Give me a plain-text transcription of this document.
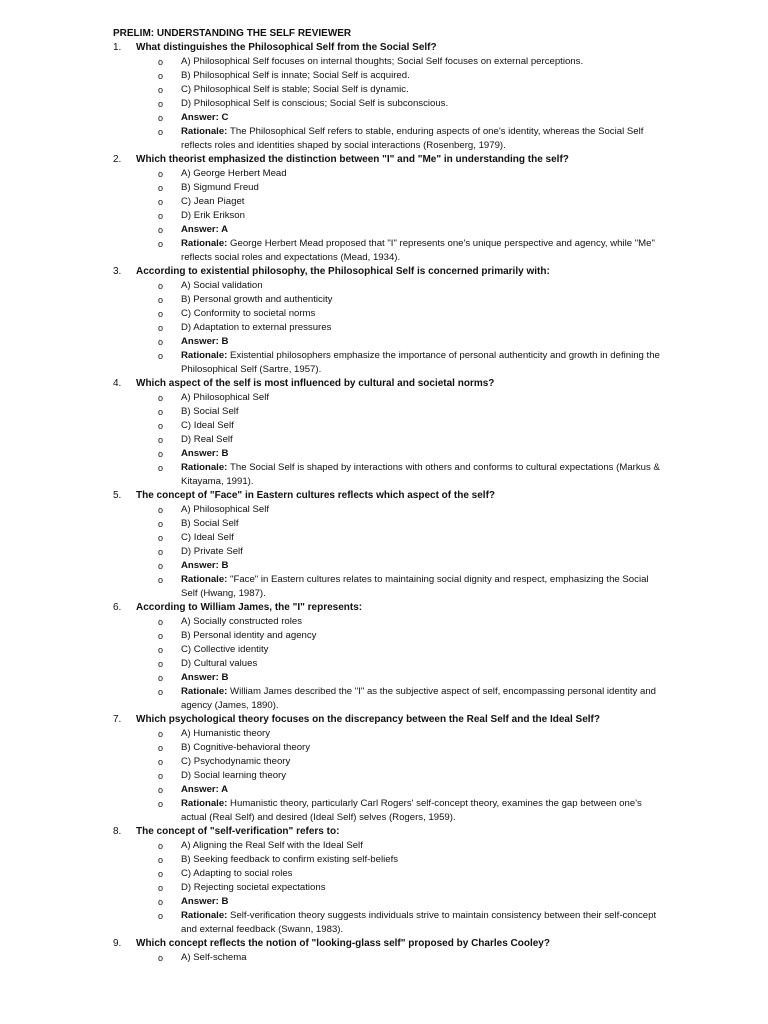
PRELIM: UNDERSTANDING THE SELF REVIEWER
1. What distinguishes the Philosophical Self from the Social Self?
o A) Philosophical Self focuses on internal thoughts; Social Self focuses on external perceptions.
o B) Philosophical Self is innate; Social Self is acquired.
o C) Philosophical Self is stable; Social Self is dynamic.
o D) Philosophical Self is conscious; Social Self is subconscious.
o Answer: C
o Rationale: The Philosophical Self refers to stable, enduring aspects of one's identity, whereas the Social Self reflects roles and identities shaped by social interactions (Rosenberg, 1979).
2. Which theorist emphasized the distinction between "I" and "Me" in understanding the self?
o A) George Herbert Mead
o B) Sigmund Freud
o C) Jean Piaget
o D) Erik Erikson
o Answer: A
o Rationale: George Herbert Mead proposed that "I" represents one's unique perspective and agency, while "Me" reflects social roles and expectations (Mead, 1934).
3. According to existential philosophy, the Philosophical Self is concerned primarily with:
o A) Social validation
o B) Personal growth and authenticity
o C) Conformity to societal norms
o D) Adaptation to external pressures
o Answer: B
o Rationale: Existential philosophers emphasize the importance of personal authenticity and growth in defining the Philosophical Self (Sartre, 1957).
4. Which aspect of the self is most influenced by cultural and societal norms?
o A) Philosophical Self
o B) Social Self
o C) Ideal Self
o D) Real Self
o Answer: B
o Rationale: The Social Self is shaped by interactions with others and conforms to cultural expectations (Markus & Kitayama, 1991).
5. The concept of "Face" in Eastern cultures reflects which aspect of the self?
o A) Philosophical Self
o B) Social Self
o C) Ideal Self
o D) Private Self
o Answer: B
o Rationale: "Face" in Eastern cultures relates to maintaining social dignity and respect, emphasizing the Social Self (Hwang, 1987).
6. According to William James, the "I" represents:
o A) Socially constructed roles
o B) Personal identity and agency
o C) Collective identity
o D) Cultural values
o Answer: B
o Rationale: William James described the "I" as the subjective aspect of self, encompassing personal identity and agency (James, 1890).
7. Which psychological theory focuses on the discrepancy between the Real Self and the Ideal Self?
o A) Humanistic theory
o B) Cognitive-behavioral theory
o C) Psychodynamic theory
o D) Social learning theory
o Answer: A
o Rationale: Humanistic theory, particularly Carl Rogers' self-concept theory, examines the gap between one's actual (Real Self) and desired (Ideal Self) selves (Rogers, 1959).
8. The concept of "self-verification" refers to:
o A) Aligning the Real Self with the Ideal Self
o B) Seeking feedback to confirm existing self-beliefs
o C) Adapting to social roles
o D) Rejecting societal expectations
o Answer: B
o Rationale: Self-verification theory suggests individuals strive to maintain consistency between their self-concept and external feedback (Swann, 1983).
9. Which concept reflects the notion of "looking-glass self" proposed by Charles Cooley?
o A) Self-schema
